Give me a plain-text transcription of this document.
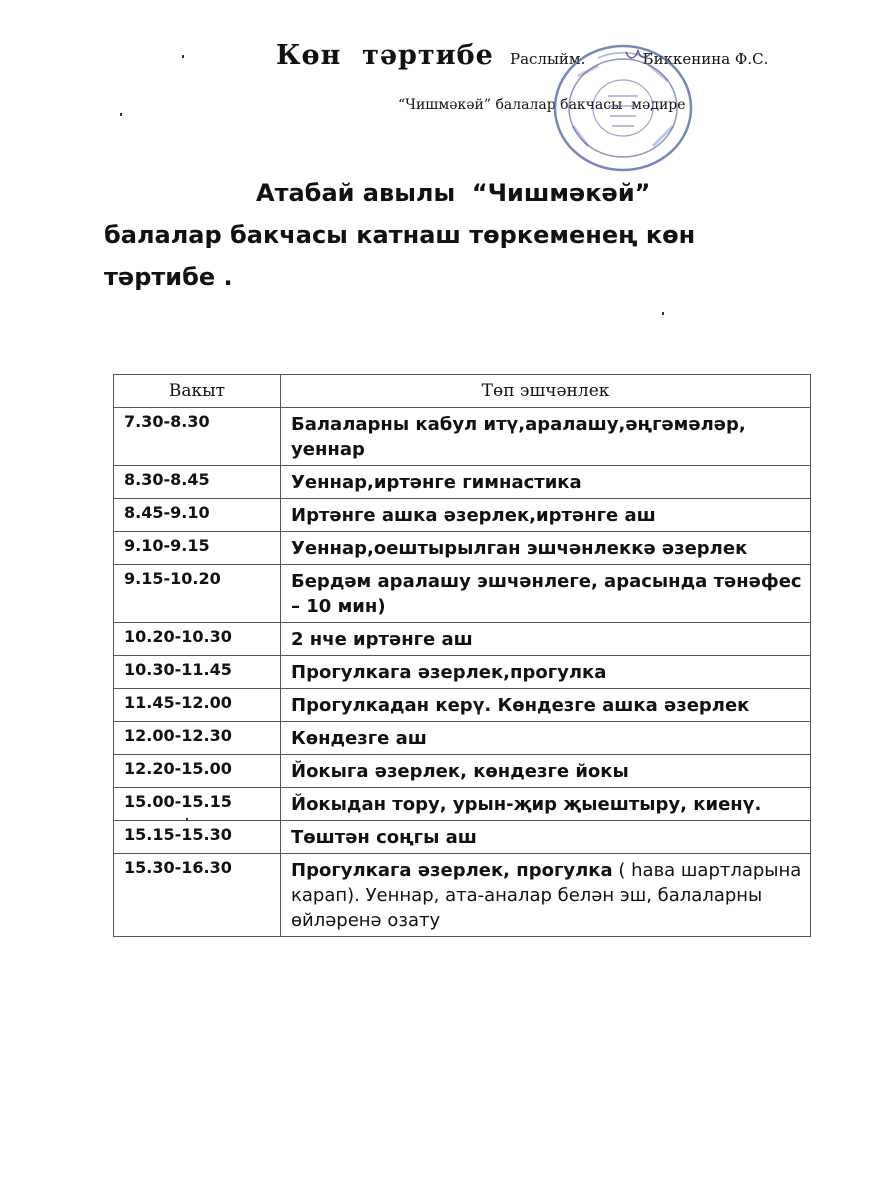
Көн  тәртибе Раслыйм.            Биккенина Ф.С.
“Чишмәкәй” балалар бакчасы  мәдире
Атабай авылы  “Чишмәкәй”
балалар бакчасы катнаш төркеменең көн тәртибе .
Вакыт	Төп эшчәнлек
7.30-8.30	Балаларны кабул итү,аралашу,әңгәмәләр, уеннар
8.30-8.45	Уеннар,иртәнге гимнастика
8.45-9.10	Иртәнге ашка әзерлек,иртәнге аш
9.10-9.15	Уеннар,оештырылган эшчәнлеккә әзерлек
9.15-10.20	Бердәм аралашу эшчәнлеге, арасында тәнәфес – 10 мин)
10.20-10.30	2 нче иртәнге аш
10.30-11.45	Прогулкага әзерлек,прогулка
11.45-12.00	Прогулкадан керү. Көндезге ашка әзерлек
12.00-12.30	Көндезге аш
12.20-15.00	Йокыга әзерлек, көндезге йокы
15.00-15.15	Йокыдан тору, урын-җир җыештыру, киенү.
15.15-15.30	Төштән соңгы аш
15.30-16.30	Прогулкага әзерлек, прогулка ( һава шартларына карап). Уеннар, ата-аналар белән эш, балаларны өйләренә озату
